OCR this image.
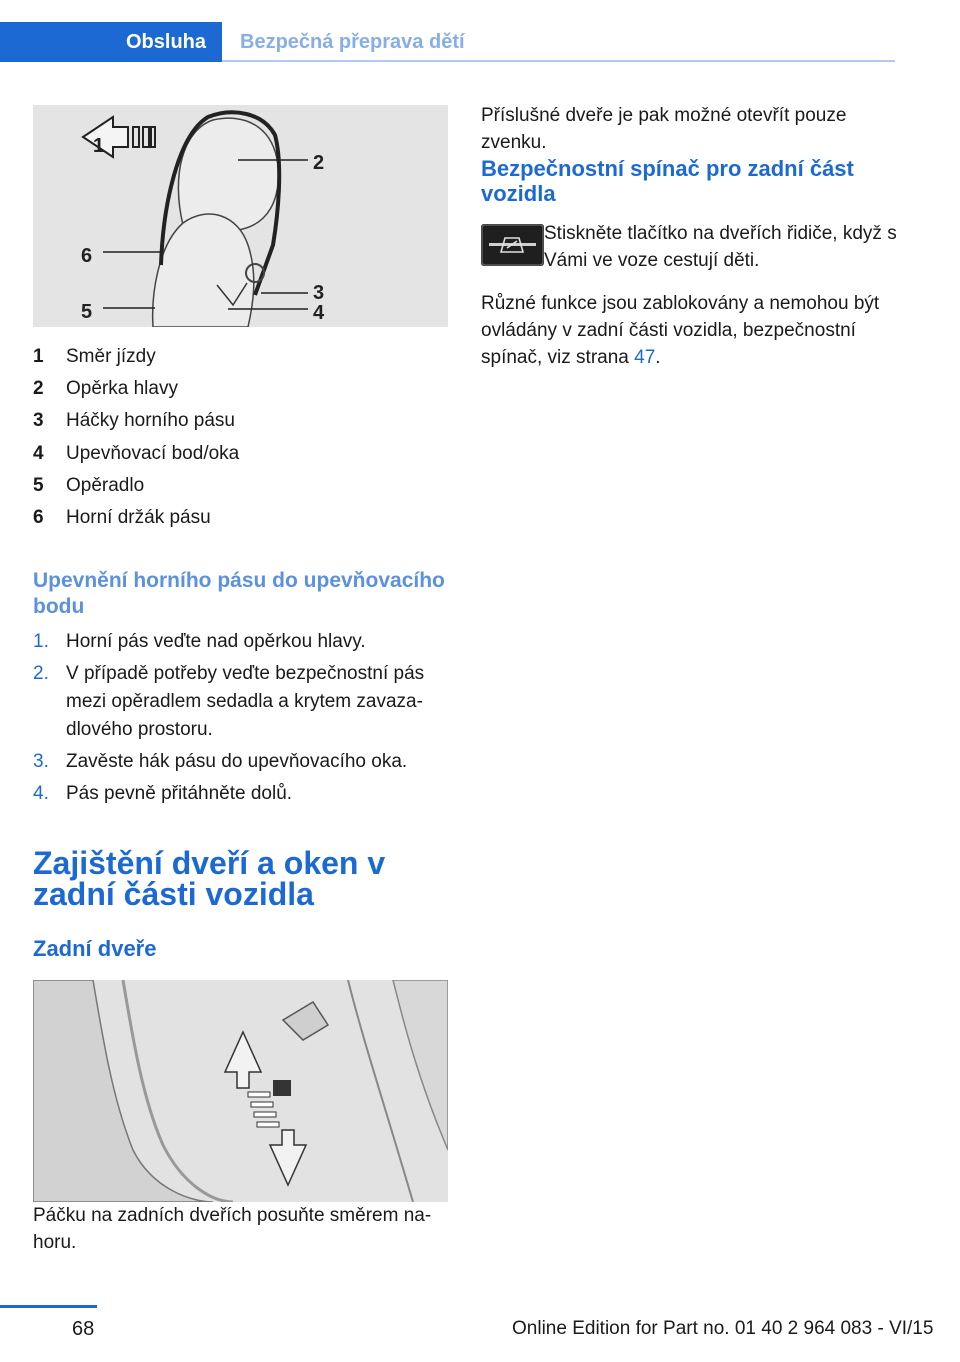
Obsluha	Bezpečná přeprava dětí
1
2
3
4
5
6
1	Směr jízdy
2	Opěrka hlavy
3	Háčky horního pásu
4	Upevňovací bod/oka
5	Opěradlo
6	Horní držák pásu
Upevnění horního pásu do upevňovacího bodu
1. Horní pás veďte nad opěrkou hlavy.
2. V případě potřeby veďte bezpečnostní pás mezi opěradlem sedadla a krytem zavazadlového prostoru.
3. Zavěste hák pásu do upevňovacího oka.
4. Pás pevně přitáhněte dolů.
Zajištění dveří a oken v zadní části vozidla
Zadní dveře

Páčku na zadních dveřích posuňte směrem nahoru.

Příslušné dveře je pak možné otevřít pouze zvenku.

Bezpečnostní spínač pro zadní část vozidla

Stiskněte tlačítko na dveřích řidiče, když s Vámi ve voze cestují děti.

Různé funkce jsou zablokovány a nemohou být ovládány v zadní části vozidla, bezpečnostní spínač, viz strana 47.

68	Online Edition for Part no. 01 40 2 964 083 - VI/15
